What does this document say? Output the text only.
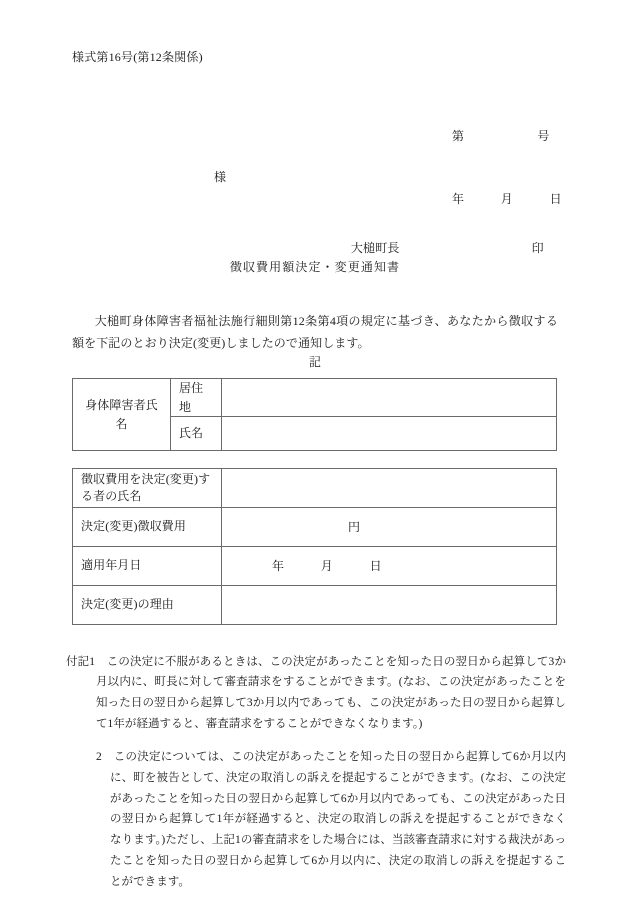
様式第16号(第12条関係)

第　　　　　　号

年　　　月　　　日

様

大槌町長	印

徴収費用額決定・変更通知書

大槌町身体障害者福祉法施行細則第12条第4項の規定に基づき、あなたから徴収する額を下記のとおり決定(変更)しましたので通知します。

記
身体障害者氏名	居住地	
	氏名	
徴収費用を決定(変更)す る者の氏名	
決定(変更)徴収費用	円
適用年月日	年　　　月　　　日
決定(変更)の理由	

付記1　この決定に不服があるときは、この決定があったことを知った日の翌日から起算して3か月以内に、町長に対して審査請求をすることができます。(なお、この決定があったことを知った日の翌日から起算して3か月以内であっても、この決定があった日の翌日から起算して1年が経過すると、審査請求をすることができなくなります。)

2　この決定については、この決定があったことを知った日の翌日から起算して6か月以内に、町を被告として、決定の取消しの訴えを提起することができます。(なお、この決定があったことを知った日の翌日から起算して6か月以内であっても、この決定があった日の翌日から起算して1年が経過すると、決定の取消しの訴えを提起することができなくなります。)ただし、上記1の審査請求をした場合には、当該審査請求に対する裁決があったことを知った日の翌日から起算して6か月以内に、決定の取消しの訴えを提起することができます。
